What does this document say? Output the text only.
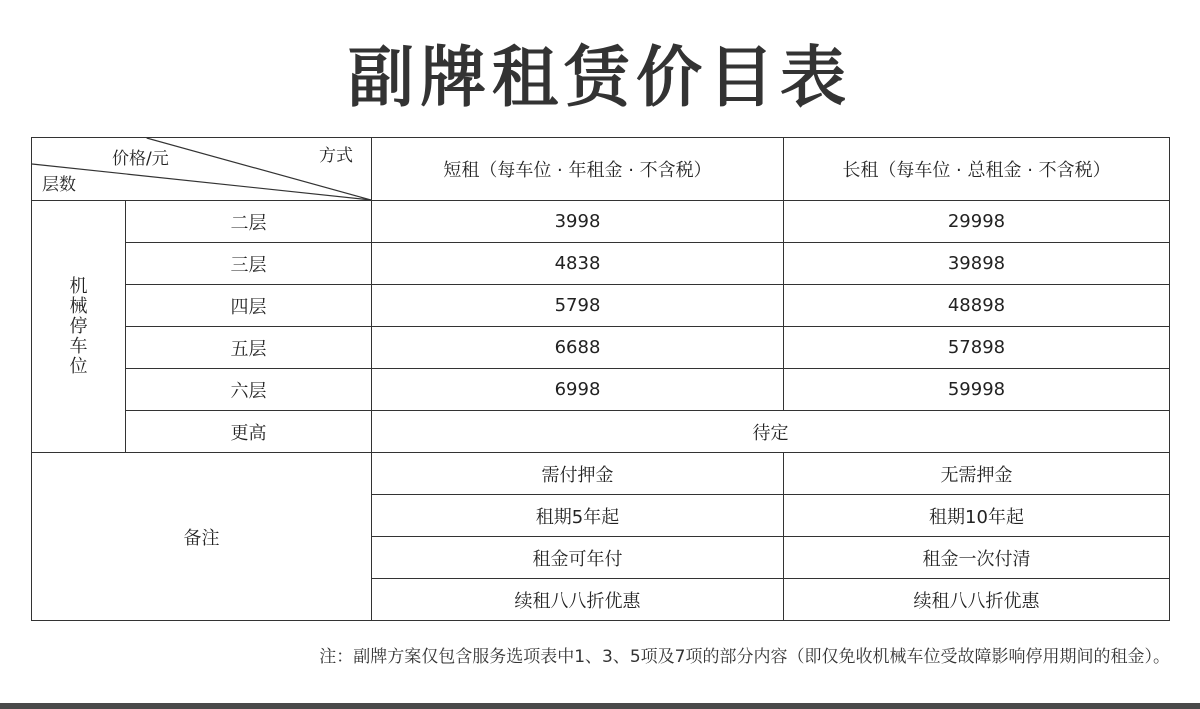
副牌租赁价目表
方式
价格/元
层数		短租（每车位 · 年租金 · 不含税）	长租（每车位 · 总租金 · 不含税）
机械停车位	二层	3998	29998
	三层	4838	39898
	四层	5798	48898
	五层	6688	57898
	六层	6998	59998
	更高	待定	
备注		需付押金	无需押金
		租期5年起	租期10年起
		租金可年付	租金一次付清
		续租八八折优惠	续租八八折优惠
注：副牌方案仅包含服务选项表中1、3、5项及7项的部分内容（即仅免收机械车位受故障影响停用期间的租金）。
